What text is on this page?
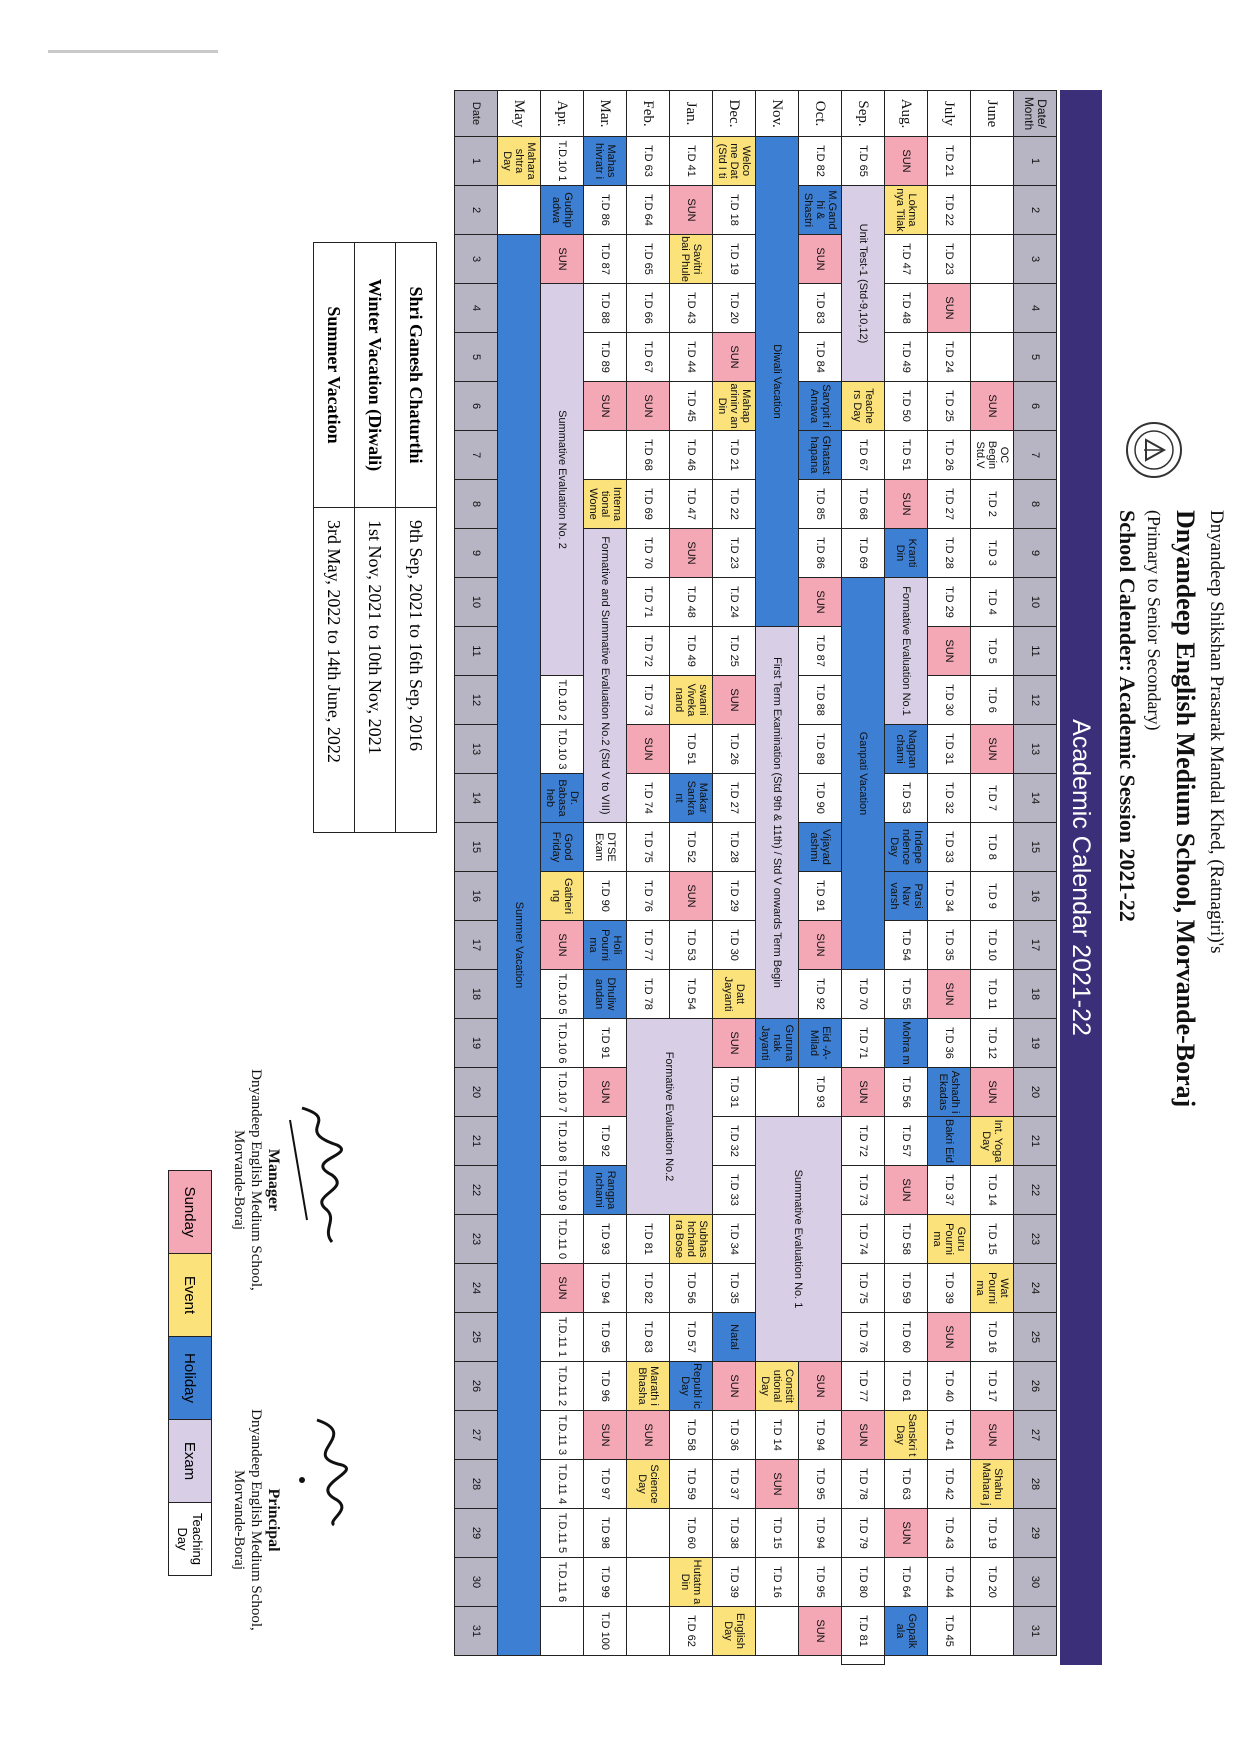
Dnyandeep Shikshan Prasarak Mandal Khed, (Ratnagiri)'s
Dnyandeep English Medium School, Morvande-Boraj
(Primary to Senior Secondary)
School Calender: Academic Session 2021-22
Academic Calendar 2021-22
Date/ Month	1	2	3	4	5	6	7	8	9	10	11	12	13	14	15	16	17	18	19	20	21	22	23	24	25	26	27	28	29	30	31	
June						SUN	OC Begin Std.V	T.D 2	T.D 3	T.D 4	T.D 5	T.D 6	SUN	T.D 7	T.D 8	T.D 9	T.D 10	T.D 11	T.D 12	SUN	Int. Yoga Day	T.D 14	T.D 15	Wat Pourni ma	T.D 16	T.D 17	SUN	Shahu Mahara j	T.D 19	T.D 20		
July	T.D 21	T.D 22	T.D 23	SUN	T.D 24	T.D 25	T.D 26	T.D 27	T.D 28	T.D 29	SUN	T.D 30	T.D 31	T.D 32	T.D 33	T.D 34	T.D 35	SUN	T.D 36	Ashadh i Ekadas	Bakri Eid	T.D 37	Guru Pourni ma	T.D 39	SUN	T.D 40	T.D 41	T.D 42	T.D 43	T.D 44	T.D 45	
Aug.	SUN	Lokma nya Tilak	T.D 47	T.D 48	T.D 49	T.D 50	T.D 51	SUN	Kranti Din	Formative Evaluation No.1			Nagpan chami	T.D 53	Indepe ndence Day	Parsi Nav varsh	T.D 54	T.D 55	Mohra m	T.D 56	T.D 57	SUN	T.D 58	T.D 59	T.D 60	T.D 61	Sanskri t Day	T.D 63	SUN	T.D 64	Gopalk ala	
Sep.	T.D 65	Unit Test-1 (Std-9,10,12)				Teache rs Day	T.D 67	T.D 68	T.D 69	Ganpati Vacation								T.D 70	T.D 71	SUN	T.D 72	T.D 73	T.D 74	T.D 75	T.D 76	T.D 77	SUN	T.D 78	T.D 79	T.D 80	T.D 81	
Oct.	T.D 82	M.Gand hi & Shastri	SUN	T.D 83	T.D 84	Sarvpit ri Amava	Ghatast hapana	T.D 85	T.D 86	SUN	T.D 87	T.D 88	T.D 89	T.D 90	Vijayad ashmi	T.D 91	SUN	T.D 92	Eid -A- Milad	T.D 93	Summative Evaluation No. 1					SUN	T.D 94	T.D 95	T.D 94	T.D 95	SUN	
Nov.	Diwali Vacation										First Term Examination (Std 9th & 11th) / Std V onwards Term Begin								Guruna nak Jayanti							Constit utional Day	T.D 14	SUN	T.D 15	T.D 16		
Dec.	Welco me Dat (Std I ti	T.D 18	T.D 19	T.D 20	SUN	Mahap arinirv an Din	T.D 21	T.D 22	T.D 23	T.D 24	T.D 25	SUN	T.D 26	T.D 27	T.D 28	T.D 29	T.D 30	Datt Jayanti	SUN	T.D 31	T.D 32	T.D 33	T.D 34	T.D 35	Natal	SUN	T.D 36	T.D 37	T.D 38	T.D 39	English Day	
Jan.	T.D 41	SUN	Savitri bai Phule	T.D 43	T.D 44	T.D 45	T.D 46	T.D 47	SUN	T.D 48	T.D 49	swami Viveka nand	T.D 51	Makar Sankra nt	T.D 52	SUN	T.D 53	T.D 54	Formative Evaluation No.2				Subhas hchand ra Bose	T.D 56	T.D 57	Republ ic Day	T.D 58	T.D 59	T.D 60	Hutatm a Din	T.D 62	
Feb.	T.D 63	T.D 64	T.D 65	T.D 66	T.D 67	SUN	T.D 68	T.D 69	T.D 70	T.D 71	T.D 72	T.D 73	SUN	T.D 74	T.D 75	T.D 76	T.D 77	T.D 78					T.D 81	T.D 82	T.D 83	Marath i Bhasha	SUN	Science Day				
Mar.	Mahas hivratr i	T.D 86	T.D 87	T.D 88	T.D 89	SUN		Interna tional Wome	Formative and Summative Evaluation No.2 (Std V to VIII)						DTSE Exam	T.D 90	Holi Pourni ma	Dhuliw andan	T.D 91	SUN	T.D 92	Rangpa nchami	T.D 93	T.D 94	T.D 95	T.D 96	SUN	T.D 97	T.D 98	T.D 99	T.D 100	
Apr.	T.D.10 1	Gudhip adwa	SUN	Summative Evaluation No. 2								T.D.10 2	T.D.10 3	Dr. Babasa heb	Good Friday	Gatheri ng	SUN	T.D.10 5	T.D.10 6	T.D.10 7	T.D.10 8	T.D.10 9	T.D.11 0	SUN	T.D.11 1	T.D.11 2	T.D.11 3	T.D.11 4	T.D.11 5	T.D.11 6		
May	Mahara shtra Day		Summer Vacation																													
Date	1	2	3	4	5	6	7	8	9	10	11	12	13	14	15	16	17	18	19	20	21	22	23	24	25	26	27	28	29	30	31	
Shri Ganesh Chaturthi	9th Sep, 2021 to 16th Sep, 2016
Winter Vacation (Diwali)	1st Nov, 2021 to 10th Nov, 2021
Summer Vacation	3rd May, 2022 to 14th June, 2022
Sunday	Event	Holiday	Exam	Teaching Day
Manager
Dnyandeep English Medium School,
Morvande-Boraj
Principal
Dnyandeep English Medium School,
Morvande-Boraj
